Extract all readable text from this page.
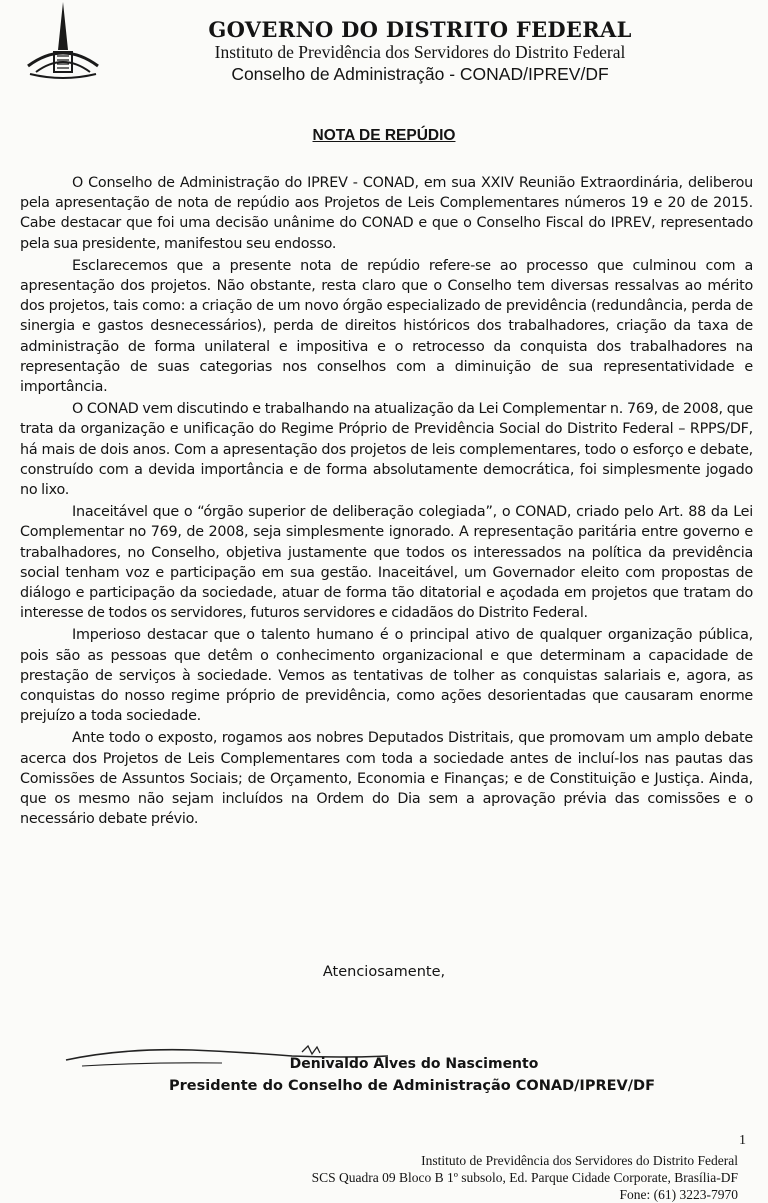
GOVERNO DO DISTRITO FEDERAL
Instituto de Previdência dos Servidores do Distrito Federal
Conselho de Administração - CONAD/IPREV/DF
NOTA DE REPÚDIO

O Conselho de Administração do IPREV - CONAD, em sua XXIV Reunião Extraordinária, deliberou pela apresentação de nota de repúdio aos Projetos de Leis Complementares números 19 e 20 de 2015. Cabe destacar que foi uma decisão unânime do CONAD e que o Conselho Fiscal do IPREV, representado pela sua presidente, manifestou seu endosso.

Esclarecemos que a presente nota de repúdio refere-se ao processo que culminou com a apresentação dos projetos. Não obstante, resta claro que o Conselho tem diversas ressalvas ao mérito dos projetos, tais como: a criação de um novo órgão especializado de previdência (redundância, perda de sinergia e gastos desnecessários), perda de direitos históricos dos trabalhadores, criação da taxa de administração de forma unilateral e impositiva e o retrocesso da conquista dos trabalhadores na representação de suas categorias nos conselhos com a diminuição de sua representatividade e importância.

O CONAD vem discutindo e trabalhando na atualização da Lei Complementar n. 769, de 2008, que trata da organização e unificação do Regime Próprio de Previdência Social do Distrito Federal – RPPS/DF, há mais de dois anos. Com a apresentação dos projetos de leis complementares, todo o esforço e debate, construído com a devida importância e de forma absolutamente democrática, foi simplesmente jogado no lixo.

Inaceitável que o “órgão superior de deliberação colegiada”, o CONAD, criado pelo Art. 88 da Lei Complementar no 769, de 2008, seja simplesmente ignorado. A representação paritária entre governo e trabalhadores, no Conselho, objetiva justamente que todos os interessados na política da previdência social tenham voz e participação em sua gestão. Inaceitável, um Governador eleito com propostas de diálogo e participação da sociedade, atuar de forma tão ditatorial e açodada em projetos que tratam do interesse de todos os servidores, futuros servidores e cidadãos do Distrito Federal.

Imperioso destacar que o talento humano é o principal ativo de qualquer organização pública, pois são as pessoas que detêm o conhecimento organizacional e que determinam a capacidade de prestação de serviços à sociedade. Vemos as tentativas de tolher as conquistas salariais e, agora, as conquistas do nosso regime próprio de previdência, como ações desorientadas que causaram enorme prejuízo a toda sociedade.

Ante todo o exposto, rogamos aos nobres Deputados Distritais, que promovam um amplo debate acerca dos Projetos de Leis Complementares com toda a sociedade antes de incluí-los nas pautas das Comissões de Assuntos Sociais; de Orçamento, Economia e Finanças; e de Constituição e Justiça. Ainda, que os mesmo não sejam incluídos na Ordem do Dia sem a aprovação prévia das comissões e o necessário debate prévio.

Atenciosamente,
Denivaldo Alves do Nascimento
Presidente do Conselho de Administração CONAD/IPREV/DF
1
Instituto de Previdência dos Servidores do Distrito Federal
SCS Quadra 09 Bloco B 1º subsolo, Ed. Parque Cidade Corporate, Brasília-DF
Fone: (61) 3223-7970
